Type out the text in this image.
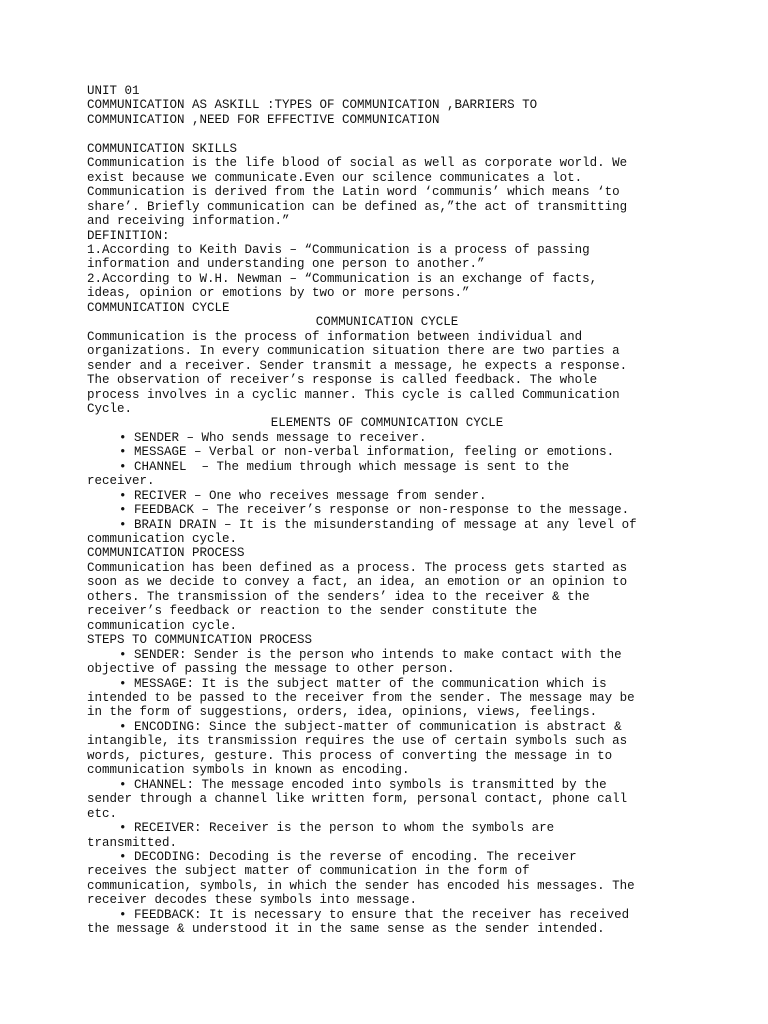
UNIT 01
COMMUNICATION AS ASKILL :TYPES OF COMMUNICATION ,BARRIERS TO
COMMUNICATION ,NEED FOR EFFECTIVE COMMUNICATION
COMMUNICATION SKILLS
Communication is the life blood of social as well as corporate world. We
exist because we communicate.Even our scilence communicates a lot.
Communication is derived from the Latin word ‘communis’ which means ‘to
share’. Briefly communication can be defined as,”the act of transmitting
and receiving information.”
DEFINITION:
1.According to Keith Davis – “Communication is a process of passing
information and understanding one person to another.”
2.According to W.H. Newman – “Communication is an exchange of facts,
ideas, opinion or emotions by two or more persons.”
COMMUNICATION CYCLE
COMMUNICATION CYCLE
Communication is the process of information between individual and
organizations. In every communication situation there are two parties a
sender and a receiver. Sender transmit a message, he expects a response.
The observation of receiver’s response is called feedback. The whole
process involves in a cyclic manner. This cycle is called Communication
Cycle.
ELEMENTS OF COMMUNICATION CYCLE
• SENDER – Who sends message to receiver.
• MESSAGE – Verbal or non-verbal information, feeling or emotions.
• CHANNEL  – The medium through which message is sent to the
receiver.
• RECIVER – One who receives message from sender.
• FEEDBACK – The receiver’s response or non-response to the message.
• BRAIN DRAIN – It is the misunderstanding of message at any level of
communication cycle.
COMMUNICATION PROCESS
Communication has been defined as a process. The process gets started as
soon as we decide to convey a fact, an idea, an emotion or an opinion to
others. The transmission of the senders’ idea to the receiver & the
receiver’s feedback or reaction to the sender constitute the
communication cycle.
STEPS TO COMMUNICATION PROCESS
• SENDER: Sender is the person who intends to make contact with the
objective of passing the message to other person.
• MESSAGE: It is the subject matter of the communication which is
intended to be passed to the receiver from the sender. The message may be
in the form of suggestions, orders, idea, opinions, views, feelings.
• ENCODING: Since the subject-matter of communication is abstract &
intangible, its transmission requires the use of certain symbols such as
words, pictures, gesture. This process of converting the message in to
communication symbols in known as encoding.
• CHANNEL: The message encoded into symbols is transmitted by the
sender through a channel like written form, personal contact, phone call
etc.
• RECEIVER: Receiver is the person to whom the symbols are
transmitted.
• DECODING: Decoding is the reverse of encoding. The receiver
receives the subject matter of communication in the form of
communication, symbols, in which the sender has encoded his messages. The
receiver decodes these symbols into message.
• FEEDBACK: It is necessary to ensure that the receiver has received
the message & understood it in the same sense as the sender intended.
